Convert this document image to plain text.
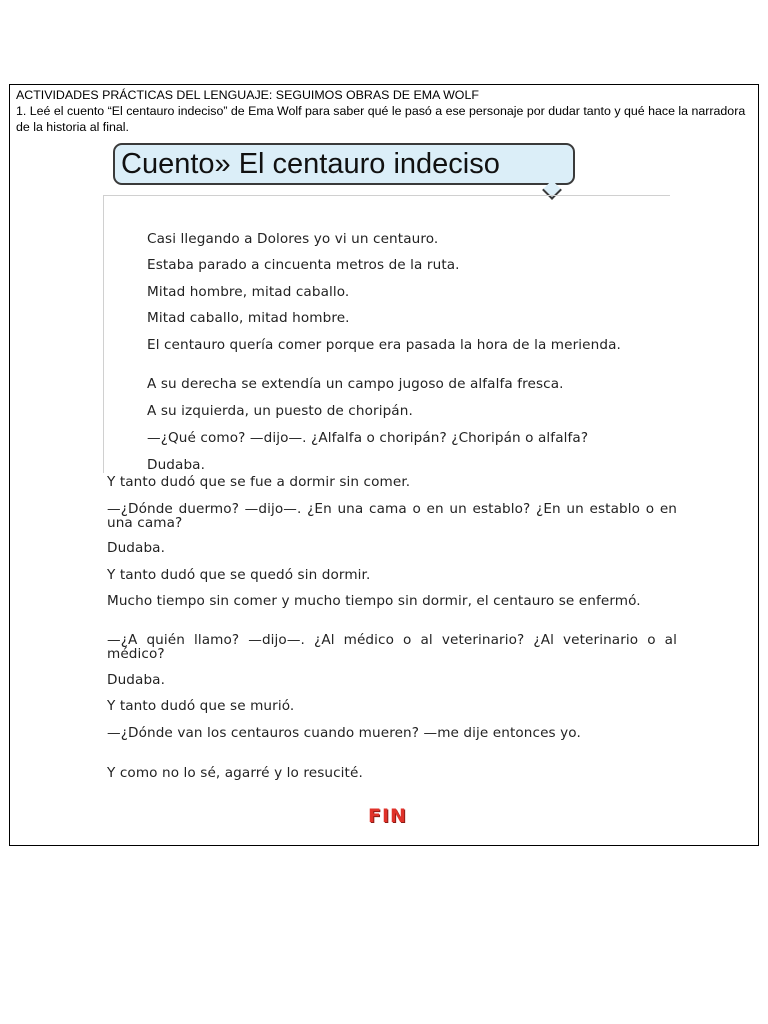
ACTIVIDADES PRÁCTICAS DEL LENGUAJE: SEGUIMOS OBRAS DE EMA WOLF
1. Leé el cuento “El centauro indeciso” de Ema Wolf para saber qué le pasó a ese personaje por dudar tanto y qué hace la narradora de la historia al final.
Cuento» El centauro indeciso

Casi llegando a Dolores yo vi un centauro.

Estaba parado a cincuenta metros de la ruta.

Mitad hombre, mitad caballo.

Mitad caballo, mitad hombre.

El centauro quería comer porque era pasada la hora de la merienda.

A su derecha se extendía un campo jugoso de alfalfa fresca.

A su izquierda, un puesto de choripán.

—¿Qué como? —dijo—. ¿Alfalfa o choripán? ¿Choripán o alfalfa?

Dudaba.

Y tanto dudó que se fue a dormir sin comer.

—¿Dónde duermo? —dijo—. ¿En una cama o en un establo? ¿En un establo o en una cama?

Dudaba.

Y tanto dudó que se quedó sin dormir.

Mucho tiempo sin comer y mucho tiempo sin dormir, el centauro se enfermó.

—¿A quién llamo? —dijo—. ¿Al médico o al veterinario? ¿Al veterinario o al médico?

Dudaba.

Y tanto dudó que se murió.

—¿Dónde van los centauros cuando mueren? —me dije entonces yo.

Y como no lo sé, agarré y lo resucité.

FIN
